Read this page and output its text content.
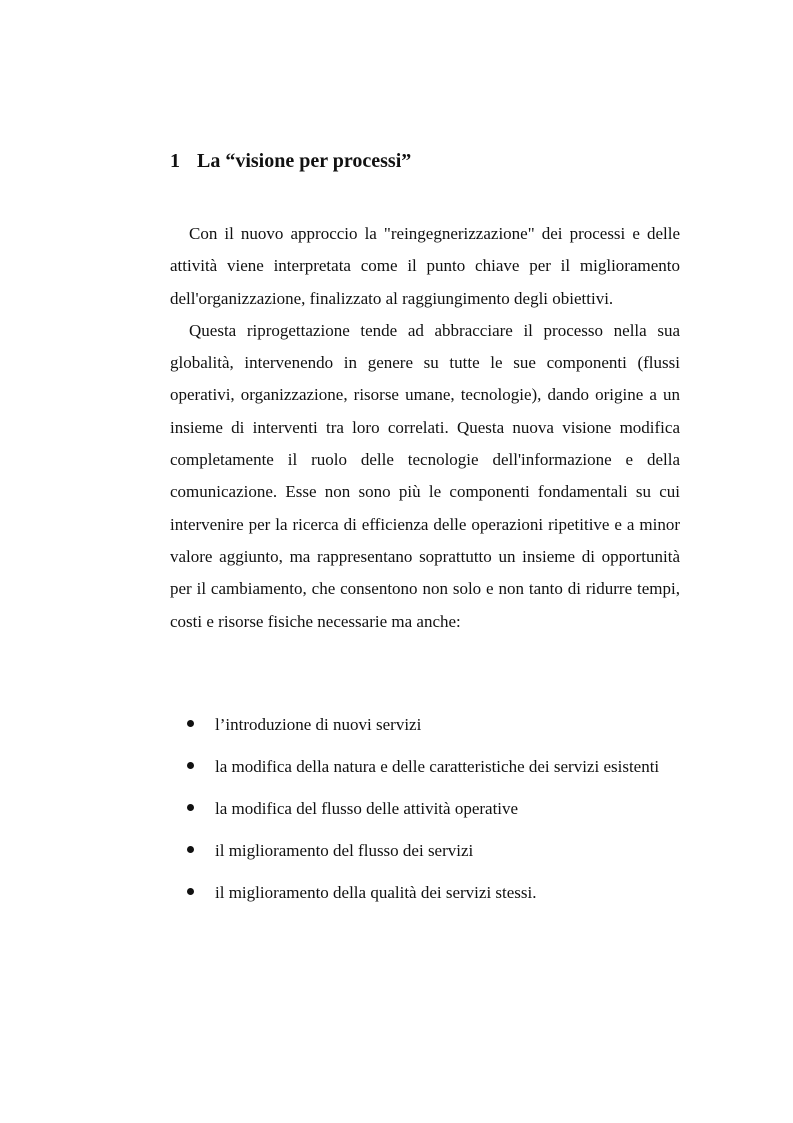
1 La “visione per processi”

Con il nuovo approccio la "reingegnerizzazione" dei processi e delle attività viene interpretata come il punto chiave per il miglioramento dell'organizzazione, finalizzato al raggiungimento degli obiettivi.

Questa riprogettazione tende ad abbracciare il processo nella sua globalità, intervenendo in genere su tutte le sue componenti (flussi operativi, organizzazione, risorse umane, tecnologie), dando origine a un insieme di interventi tra loro correlati. Questa nuova visione modifica completamente il ruolo delle tecnologie dell'informazione e della comunicazione. Esse non sono più le componenti fondamentali su cui intervenire per la ricerca di efficienza delle operazioni ripetitive e a minor valore aggiunto, ma rappresentano soprattutto un insieme di opportunità per il cambiamento, che consentono non solo e non tanto di ridurre tempi, costi e risorse fisiche necessarie ma anche:

l’introduzione di nuovi servizi
la modifica della natura e delle caratteristiche dei servizi esistenti
la modifica del flusso delle attività operative
il miglioramento del flusso dei servizi
il miglioramento della qualità dei servizi stessi.
